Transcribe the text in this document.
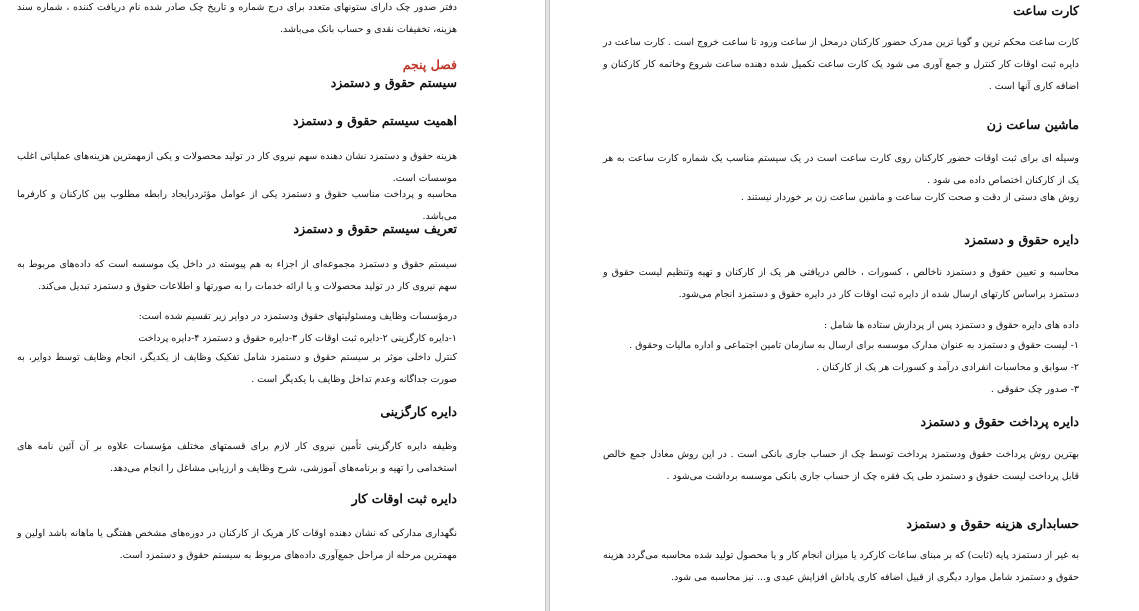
دفتر صدور چک دارای ستونهای متعدد برای درج شماره و تاریخ چک صادر شده نام دریافت کننده ، شماره سند هزینه، تخفیفات نقدی و حساب بانک می‌باشد.

فصل پنجم
سیستم حقوق و دستمزد
اهمیت سیستم حقوق و دستمزد

هزینه حقوق و دستمزد نشان دهنده سهم نیروی کار در تولید محصولات و یکی ازمهمترین هزینه‌های عملیاتی اغلب موسسات است.

محاسبه و پرداخت مناسب حقوق و دستمزد یکی از عوامل مؤثردرایجاد رابطه مطلوب بین کارکنان و کارفرما می‌باشد.

تعریف سیستم حقوق و دستمزد

سیستم حقوق و دستمزد مجموعه‌ای از اجزاء به هم پیوسته در داخل یک موسسه است که داده‌های مربوط به سهم نیروی کار در تولید محصولات و یا ارائه خدمات را به صورتها و اطلاعات حقوق و دستمزد تبدیل می‌کند.

درمؤسسات وظایف ومسئولیتهای حقوق ودستمزد در دوایر زیر تقسیم شده است:

۱-دایره کارگزینی ۲-دایره ثبت اوقات کار ۳-دایره حقوق و دستمزد ۴-دایره پرداخت

کنترل داخلی موثر بر سیستم حقوق و دستمزد شامل تفکیک وظایف از یکدیگر، انجام وظایف توسط دوایر، به صورت جداگانه وعدم تداخل وظایف با یکدیگر است .

دایره کارگزینی

وظیفه دایره کارگزینی تأمین نیروی کار لازم برای قسمتهای مختلف مؤسسات علاوه بر آن آئین نامه های استخدامی را تهیه و برنامه‌های آموزشی، شرح وظایف و ارزیابی مشاغل را انجام می‌دهد.

دایره ثبت اوقات کار

نگهداری مدارکی که نشان دهنده اوقات کار هریک از کارکنان در دوره‌های مشخص هفتگی یا ماهانه باشد اولین و مهمترین مرحله از مراحل جمع‌آوری داده‌های مربوط به سیستم حقوق و دستمزد است.

کارت ساعت

کارت ساعت محکم ترین و گویا ترین مدرک حضور کارکنان درمحل از ساعت ورود تا ساعت خروج است . کارت ساعت در دایره ثبت اوقات کار کنترل و جمع آوری می شود یک کارت ساعت تکمیل شده دهنده ساعت شروع وخاتمه کار کارکنان و اضافه کاری آنها است .

ماشین ساعت زن

وسیله ای برای ثبت اوقات حضور کارکنان روی کارت ساعت است در یک سیستم مناسب یک شماره کارت ساعت به هر یک از کارکنان اختصاص داده می شود .

روش های دستی از دقت و صحت کارت ساعت و ماشین ساعت زن بر خوردار نیستند .

دایره حقوق و دستمزد

محاسبه و تعیین حقوق و دستمزد ناخالص ، کسورات ، خالص دریافتی هر یک از کارکنان و تهیه وتنظیم لیست حقوق و دستمزد براساس کارتهای ارسال شده از دایره ثبت اوقات کار در دایره حقوق و دستمزد انجام می‌شود.

داده های دایره حقوق و دستمزد پس از پردازش ستاده ها شامل :

۱- لیست حقوق و دستمزد به عنوان مدارک موسسه برای ارسال به سازمان تامین اجتماعی و اداره مالیات وحقوق .
۲- سوابق و محاسبات انفرادی درآمد و کسورات هر یک از کارکنان .
۳- صدور چک حقوقی .
دایره پرداخت حقوق و دستمزد

بهترین روش پرداخت حقوق ودستمزد پرداخت توسط چک از حساب جاری بانکی است . در این روش معادل جمع خالص قابل پرداخت لیست حقوق و دستمزد طی یک فقره چک از حساب جاری بانکی موسسه برداشت می‌شود .

حسابداری هزینه حقوق و دستمزد

به غیر از دستمزد پایه (ثابت) که بر مبنای ساعات کارکرد یا میزان انجام کار و یا محصول تولید شده محاسبه می‌گردد هزینه حقوق و دستمزد شامل موارد دیگری از قبیل اضافه کاری پاداش افزایش عیدی و... نیز محاسبه می شود.
